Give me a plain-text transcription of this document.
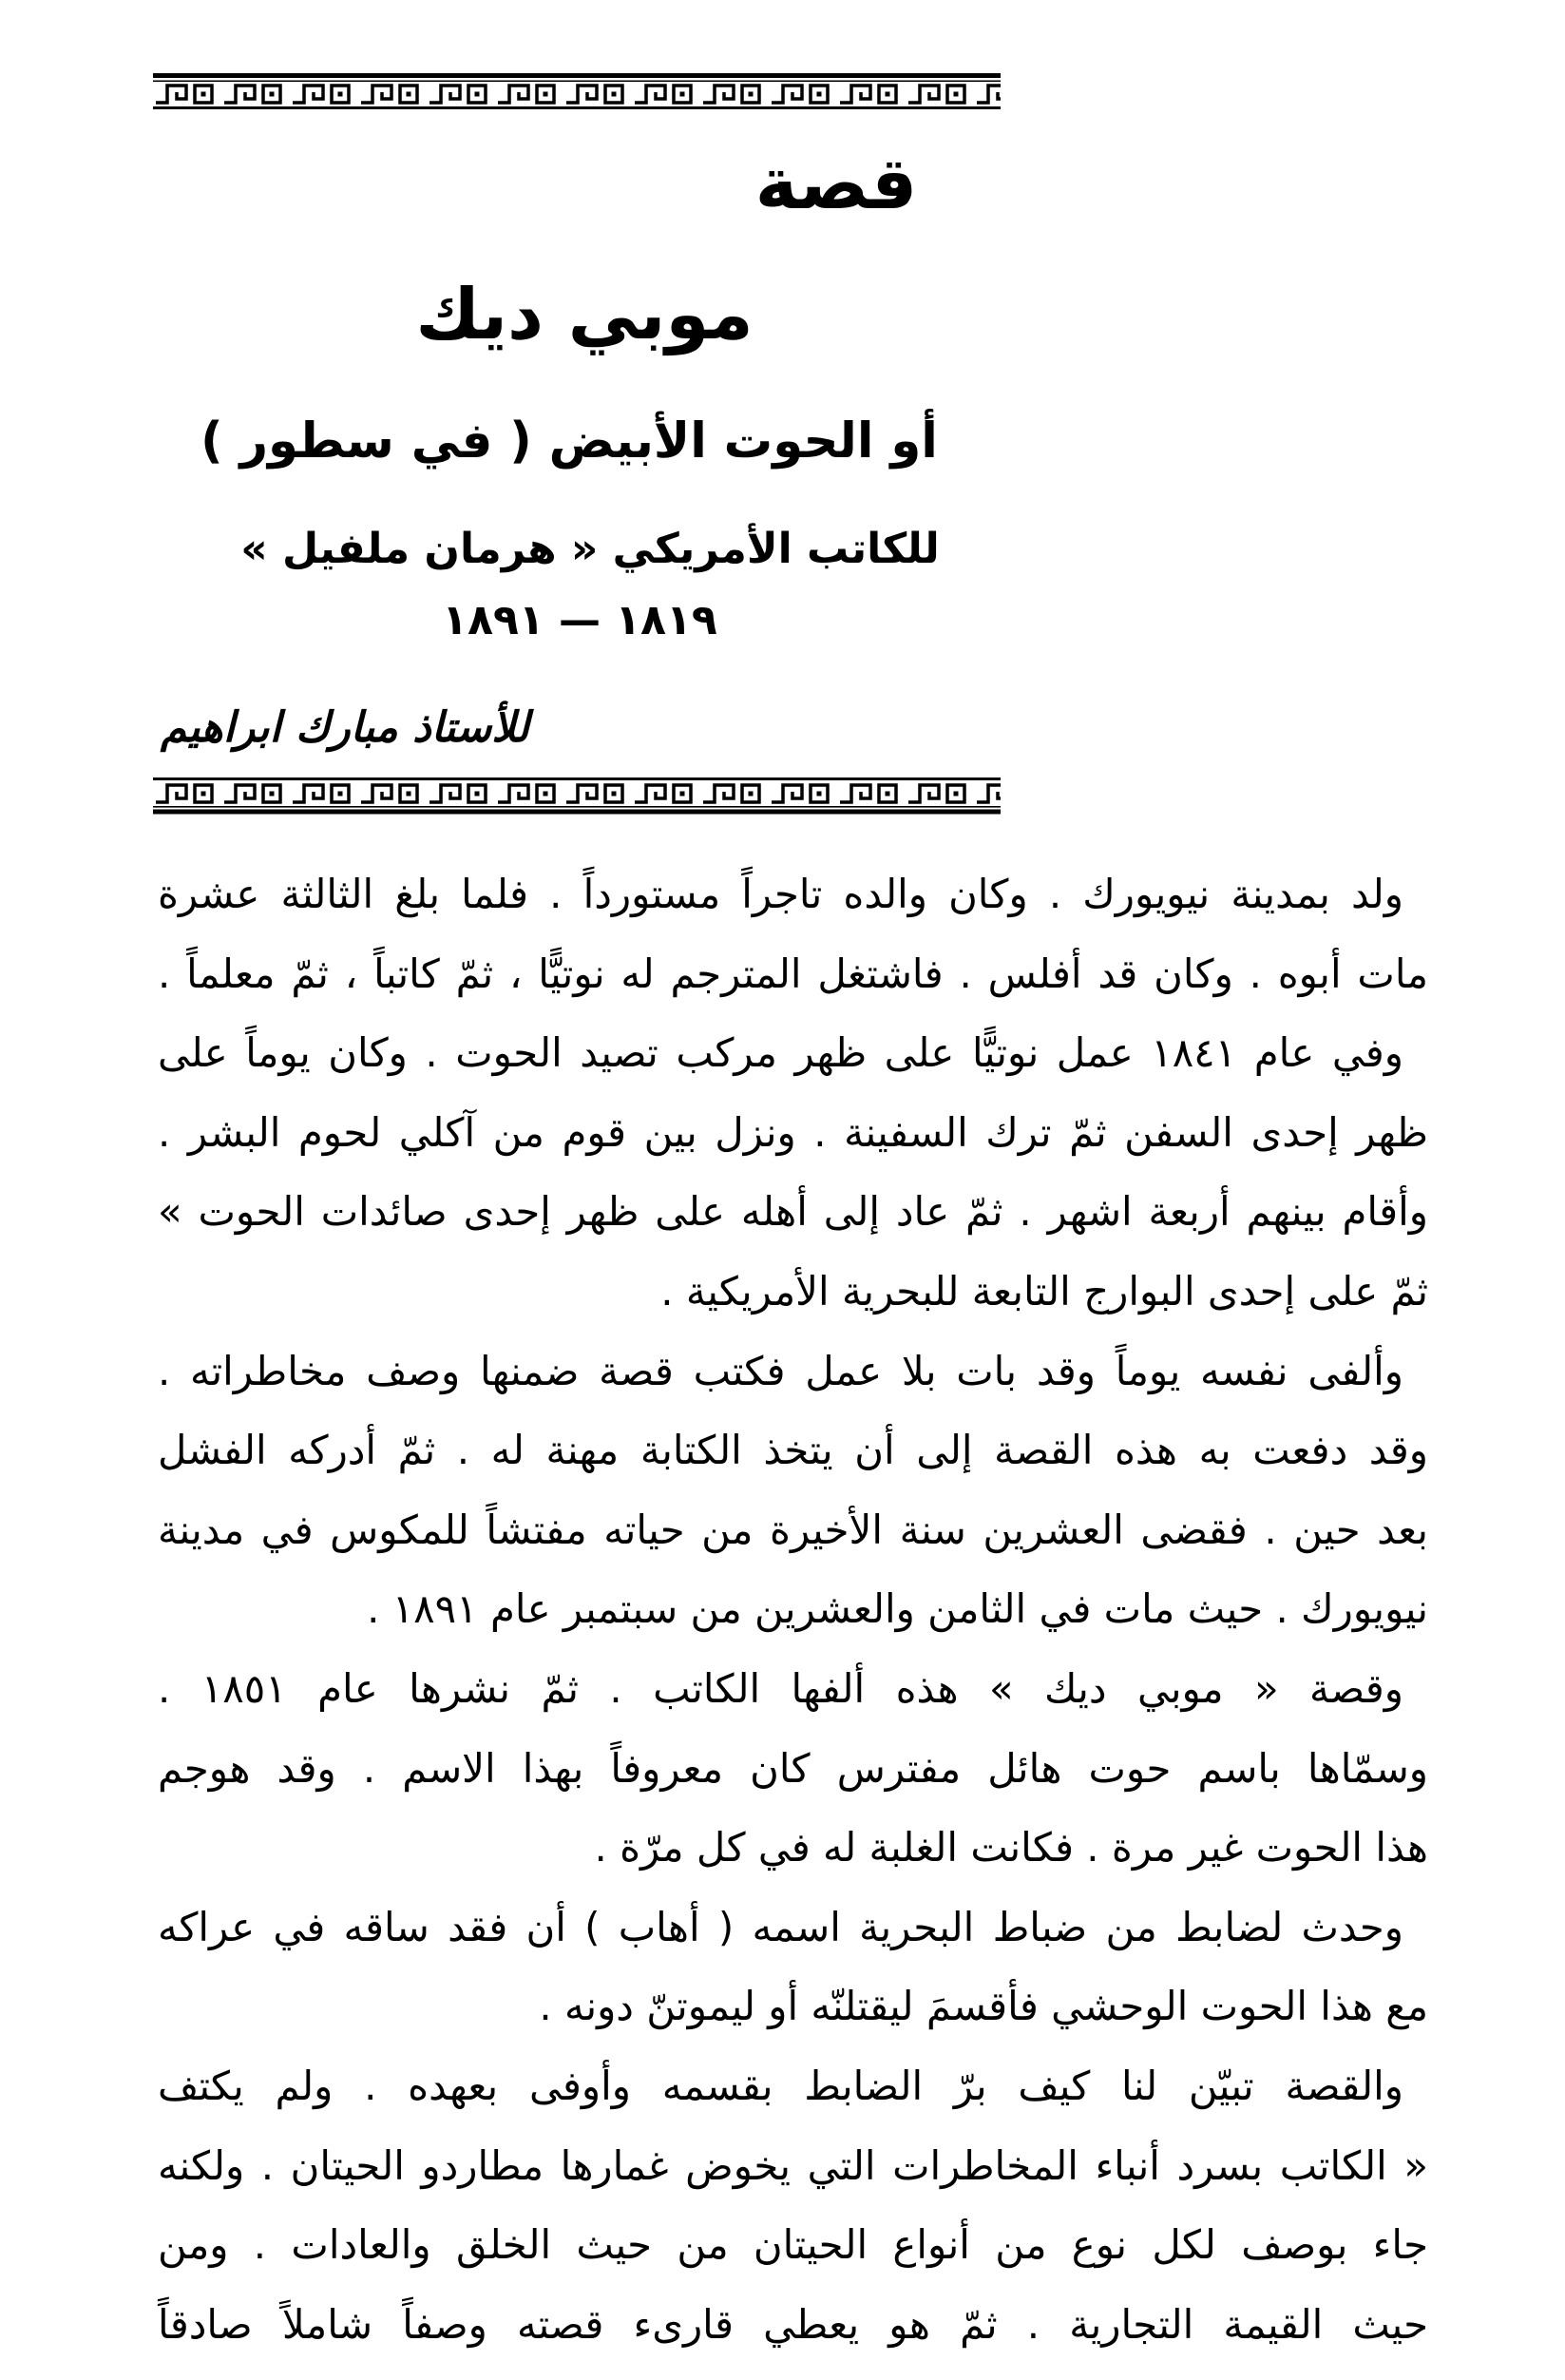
قصة
موبي ديك
أو الحوت الأبيض ( في سطور )
للكاتب الأمريكي « هرمان ملفيل »
١٨١٩ — ١٨٩١
للأستاذ مبارك ابراهيم
ولد بمدينة نيويورك . وكان والده تاجراً مستورداً . فلما بلغ الثالثة عشرة
مات أبوه . وكان قد أفلس . فاشتغل المترجم له نوتيًّا ، ثمّ كاتباً ، ثمّ معلماً .
وفي عام ١٨٤١ عمل نوتيًّا على ظهر مركب تصيد الحوت . وكان يوماً على
ظهر إحدى السفن ثمّ ترك السفينة . ونزل بين قوم من آكلي لحوم البشر .
وأقام بينهم أربعة اشهر . ثمّ عاد إلى أهله على ظهر إحدى صائدات الحوت »
ثمّ على إحدى البوارج التابعة للبحرية الأمريكية .
وألفى نفسه يوماً وقد بات بلا عمل فكتب قصة ضمنها وصف مخاطراته .
وقد دفعت به هذه القصة إلى أن يتخذ الكتابة مهنة له . ثمّ أدركه الفشل
بعد حين . فقضى العشرين سنة الأخيرة من حياته مفتشاً للمكوس في مدينة
نيويورك . حيث مات في الثامن والعشرين من سبتمبر عام ١٨٩١ .
وقصة « موبي ديك » هذه ألفها الكاتب . ثمّ نشرها عام ١٨٥١ .
وسمّاها باسم حوت هائل مفترس كان معروفاً بهذا الاسم . وقد هوجم
هذا الحوت غير مرة . فكانت الغلبة له في كل مرّة .
وحدث لضابط من ضباط البحرية اسمه ( أهاب ) أن فقد ساقه في عراكه
مع هذا الحوت الوحشي فأقسمَ ليقتلنّه أو ليموتنّ دونه .
والقصة تبيّن لنا كيف برّ الضابط بقسمه وأوفى بعهده . ولم يكتف
« الكاتب بسرد أنباء المخاطرات التي يخوض غمارها مطاردو الحيتان . ولكنه
جاء بوصف لكل نوع من أنواع الحيتان من حيث الخلق والعادات . ومن
حيث القيمة التجارية . ثمّ هو يعطي قارىء قصته وصفاً شاملاً صادقاً
